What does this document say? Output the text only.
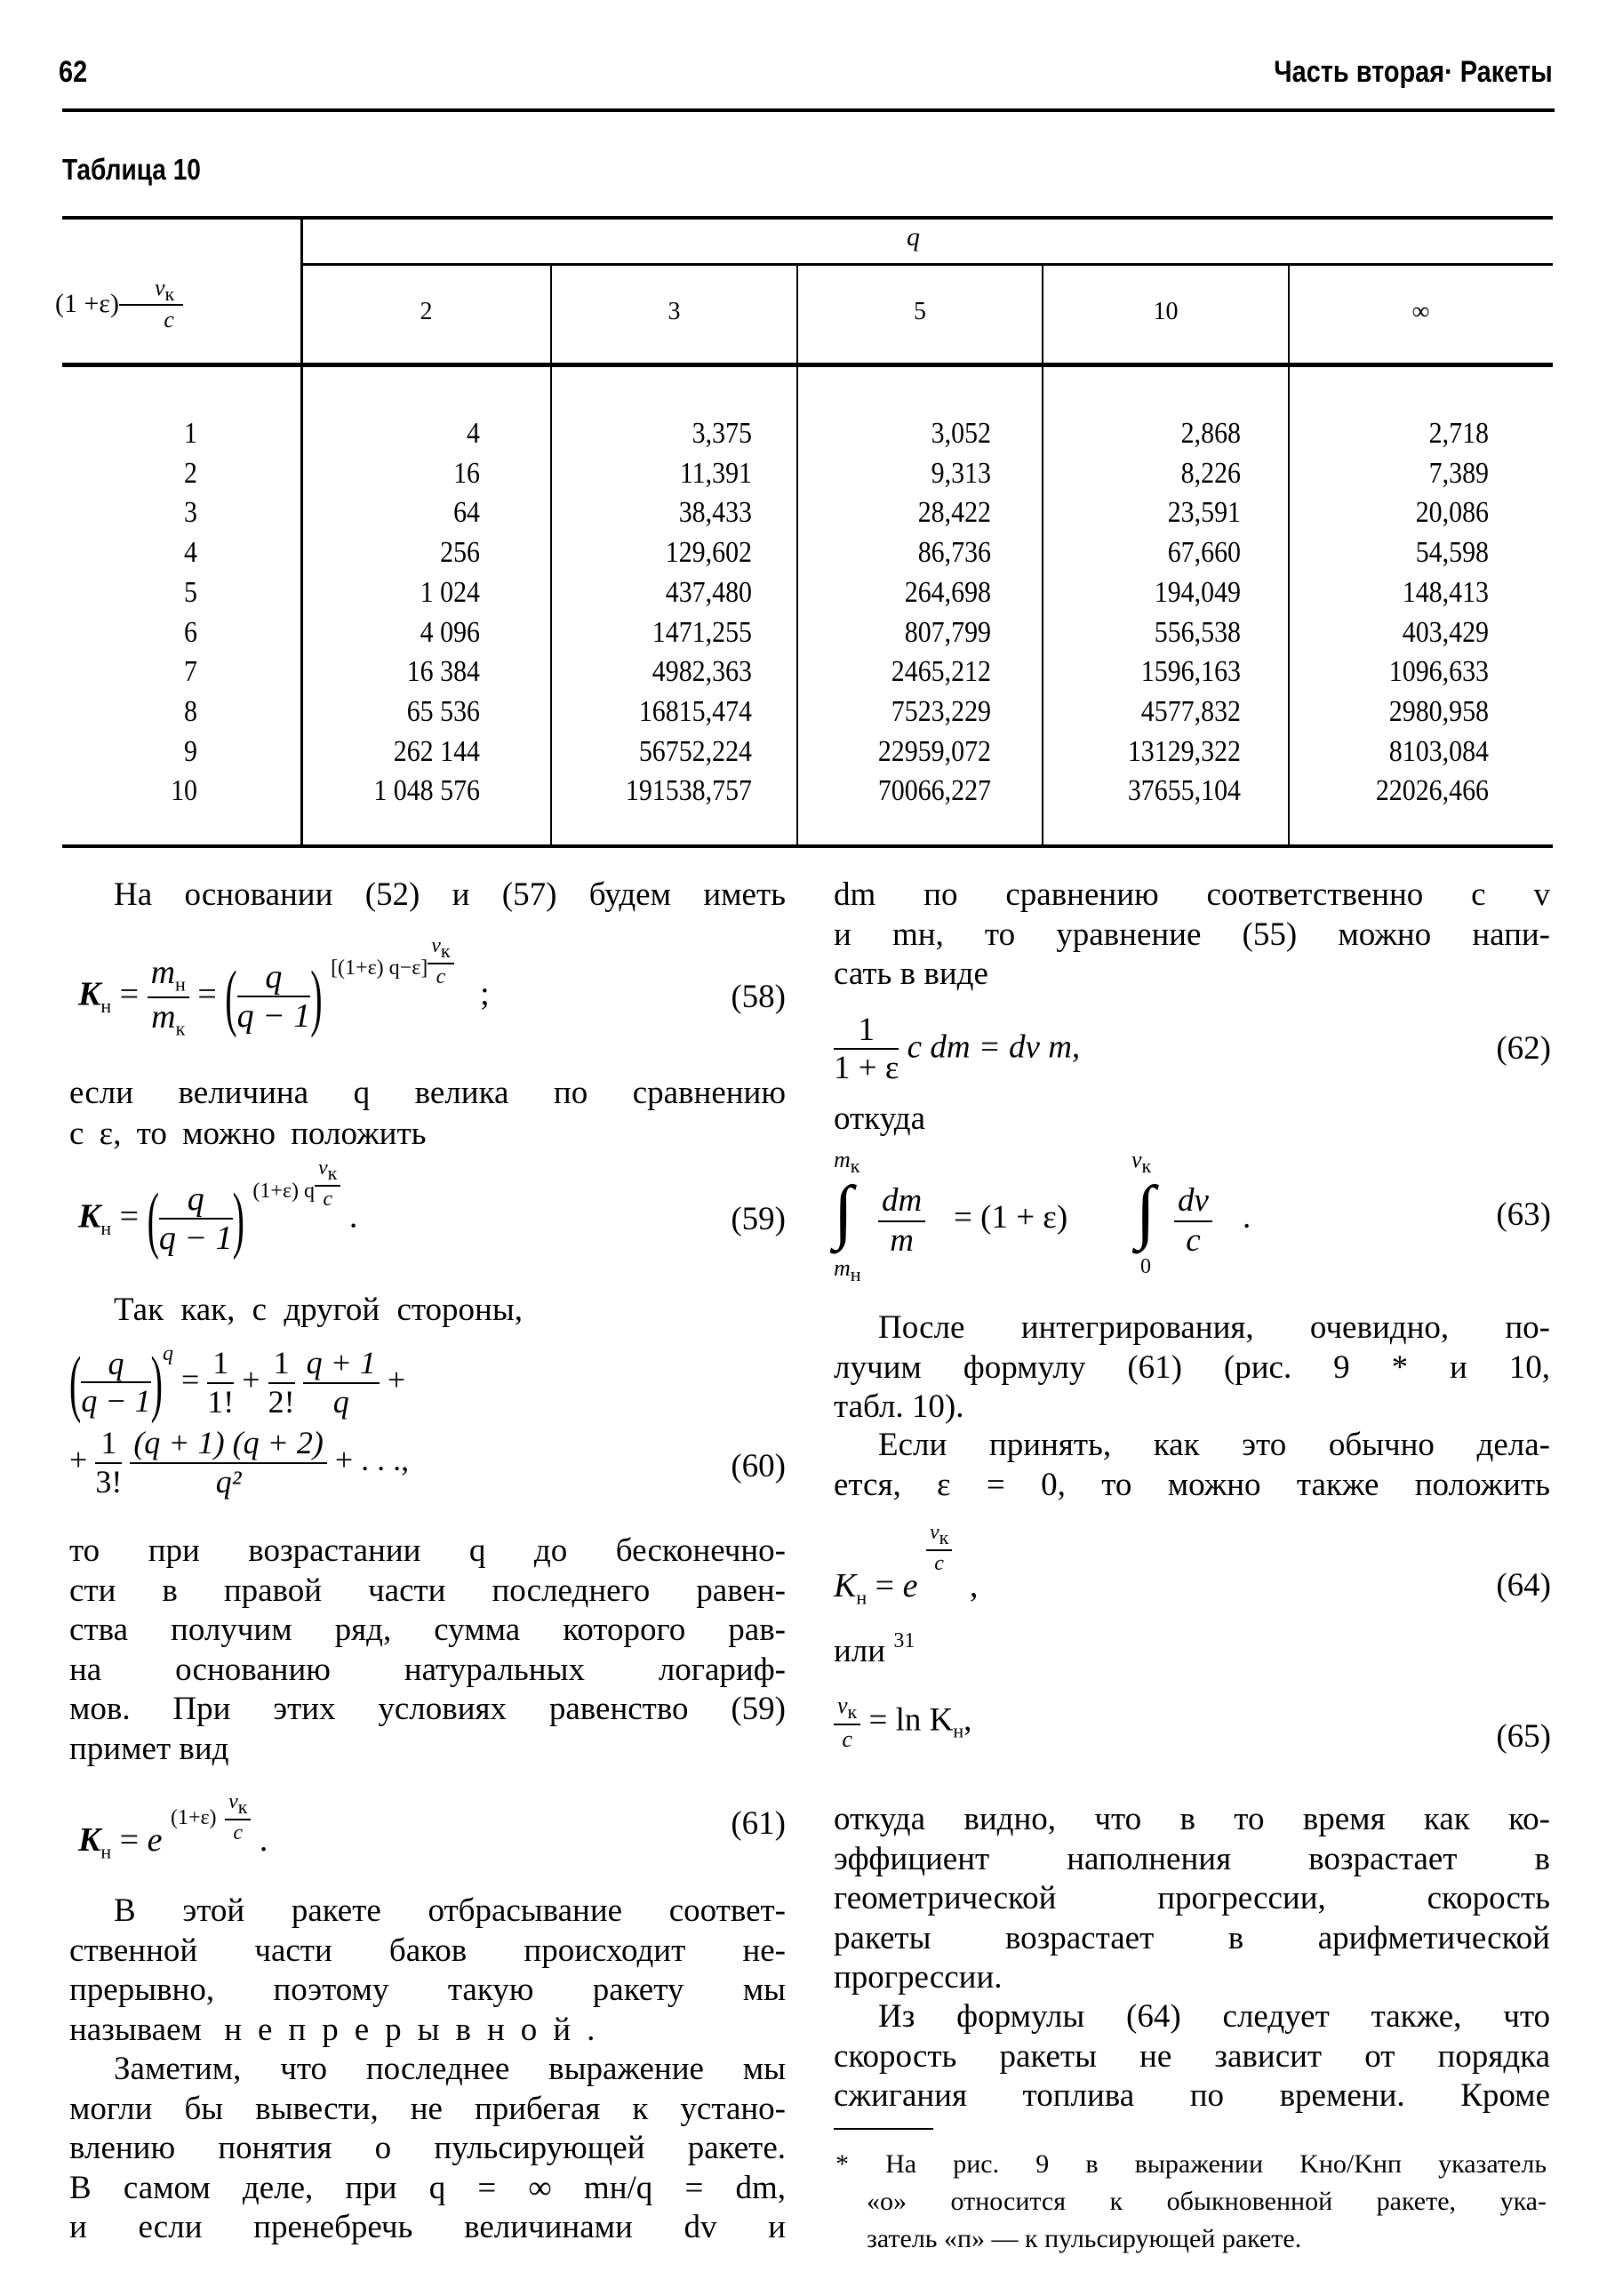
62	Часть вторая· Ракеты
Таблица 10
q
$(1 +\varepsilon) \frac{v_к}{c}$	2	3	5	10	∞
1	4	3,375	3,052	2,868	2,718
2	16	11,391	9,313	8,226	7,389
3	64	38,433	28,422	23,591	20,086
4	256	129,602	86,736	67,660	54,598
5	1 024	437,480	264,698	194,049	148,413
6	4 096	1471,255	807,799	556,538	403,429
7	16 384	4982,363	2465,212	1596,163	1096,633
8	65 536	16815,474	7523,229	4577,832	2980,958
9	262 144	56752,224	22959,072	13129,322	8103,084
10	1 048 576	191538,757	70066,227	37655,104	22026,466
На основании (52) и (57) будем иметь
$K_н = \frac{m_н}{m_к}$ = ( $\frac{q}{q - 1}$ ) $[(1+\varepsilon) q-\varepsilon] \frac{v_к}{c}$
;	(58)
если величина q велика по сравнению
с ε, то можно положить
$K_н$ = ( $\frac{q}{q - 1}$ ) $^{(1+\varepsilon) q} \frac{v_к}{c}$
.	(59)
Так как, с другой стороны,
( $\frac{q}{q - 1} )^q = \frac{1}{1!} + \frac{1}{2!}$
$\frac{q + 1}{q}$ +
+ $\frac{1}{3!}$
$\frac{(q + 1) (q + 2)}{\text{q²}}$ + . . .,	(60)
то при возрастании q до бесконечно-
сти в правой части последнего равен-
ства получим ряд, сумма которого рав-
на основанию натуральных логариф-
мов. При этих условиях равенство (59)
примет вид
$K_н = e$ $(1+\varepsilon) \frac{v_к}{c}$ .	(61)
В этой ракете отбрасывание соответ-
ственной части баков происходит не-
прерывно, поэтому такую ракету мы
называем непрерывной.
Заметим, что последнее выражение мы
могли бы вывести, не прибегая к устано-
влению понятия о пульсирующей ракете.
В самом деле, при q = ∞ mн/q = dm,
и если пренебречь величинами dv и
dm по сравнению соответственно с v
и mн, то уравнение (55) можно напи-
сать в виде
$\frac{1}{1 + \varepsilon}$ c dm = dv m,	(62)
откуда
$m_к$
∫
$m_н$
$\frac{dm}{m} = (1 + \varepsilon)$
$v_к$
∫
0
$\frac{dv}{c}$ .	(63)
После интегрирования, очевидно, по-
лучим формулу (61) (рис. 9 * и 10,
табл. 10).
Если принять, как это обычно дела-
ется, ε = 0, то можно также положить
$K_н = e$
$\frac{v_к}{c}$
,	(64)
или $^{31}$
$\frac{v_к}{c} = \ln K_н$,	(65)
откуда видно, что в то время как ко-
эффициент наполнения возрастает в
геометрической прогрессии, скорость
ракеты возрастает в арифметической
прогрессии.
Из формулы (64) следует также, что
скорость ракеты не зависит от порядка
сжигания топлива по времени. Кроме
* На рис. 9 в выражении Kно/Kнп указатель
«о» относится к обыкновенной ракете, ука-
затель «п» — к пульсирующей ракете.
